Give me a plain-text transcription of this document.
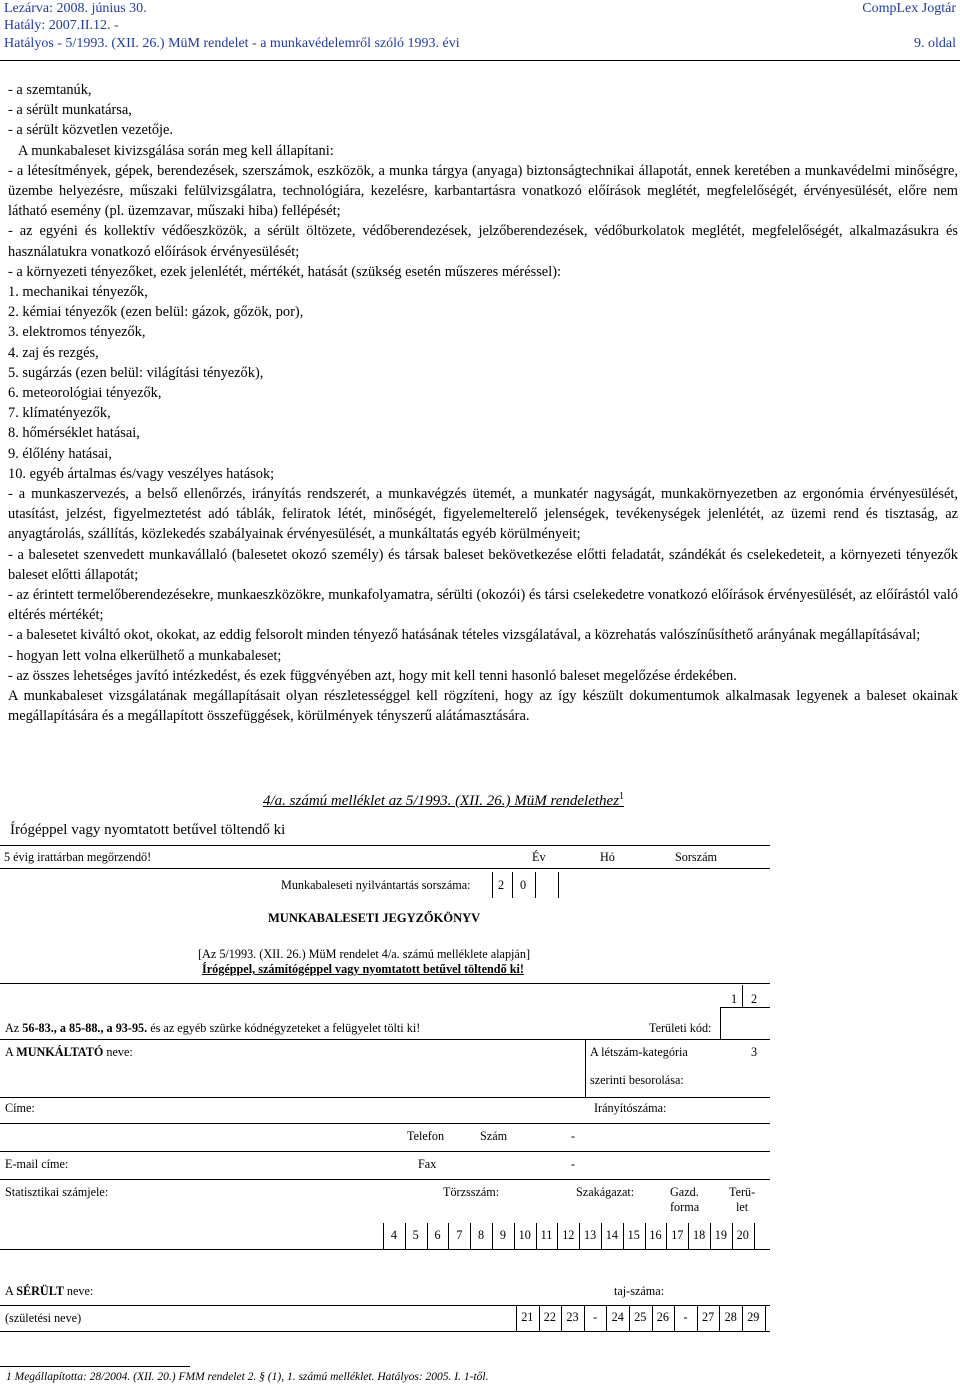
Lezárva: 2008. június 30.
Hatály: 2007.II.12. -
Hatályos - 5/1993. (XII. 26.) MüM rendelet - a munkavédelemről szóló 1993. évi
CompLex Jogtár
9. oldal
- a szemtanúk,
- a sérült munkatársa,
- a sérült közvetlen vezetője.
A munkabaleset kivizsgálása során meg kell állapítani:
- a létesítmények, gépek, berendezések, szerszámok, eszközök, a munka tárgya (anyaga) biztonságtechnikai állapotát, ennek keretében a munkavédelmi minőségre, üzembe helyezésre, műszaki felülvizsgálatra, technológiára, kezelésre, karbantartásra vonatkozó előírások meglétét, megfelelőségét, érvényesülését, előre nem látható esemény (pl. üzemzavar, műszaki hiba) fellépését;
- az egyéni és kollektív védőeszközök, a sérült öltözete, védőberendezések, jelzőberendezések, védőburkolatok meglétét, megfelelőségét, alkalmazásukra és használatukra vonatkozó előírások érvényesülését;
- a környezeti tényezőket, ezek jelenlétét, mértékét, hatását (szükség esetén műszeres méréssel):
1. mechanikai tényezők,
2. kémiai tényezők (ezen belül: gázok, gőzök, por),
3. elektromos tényezők,
4. zaj és rezgés,
5. sugárzás (ezen belül: világítási tényezők),
6. meteorológiai tényezők,
7. klímatényezők,
8. hőmérséklet hatásai,
9. élőlény hatásai,
10. egyéb ártalmas és/vagy veszélyes hatások;
- a munkaszervezés, a belső ellenőrzés, irányítás rendszerét, a munkavégzés ütemét, a munkatér nagyságát, munkakörnyezetben az ergonómia érvényesülését, utasítást, jelzést, figyelmeztetést adó táblák, feliratok létét, minőségét, figyelemelterelő jelenségek, tevékenységek jelenlétét, az üzemi rend és tisztaság, az anyagtárolás, szállítás, közlekedés szabályainak érvényesülését, a munkáltatás egyéb körülményeit;
- a balesetet szenvedett munkavállaló (balesetet okozó személy) és társak baleset bekövetkezése előtti feladatát, szándékát és cselekedeteit, a környezeti tényezők baleset előtti állapotát;
- az érintett termelőberendezésekre, munkaeszközökre, munkafolyamatra, sérülti (okozói) és társi cselekedetre vonatkozó előírások érvényesülését, az előírástól való eltérés mértékét;
- a balesetet kiváltó okot, okokat, az eddig felsorolt minden tényező hatásának tételes vizsgálatával, a közrehatás valószínűsíthető arányának megállapításával;
- hogyan lett volna elkerülhető a munkabaleset;
- az összes lehetséges javító intézkedést, és ezek függvényében azt, hogy mit kell tenni hasonló baleset megelőzése érdekében.
A munkabaleset vizsgálatának megállapításait olyan részletességgel kell rögzíteni, hogy az így készült dokumentumok alkalmasak legyenek a baleset okainak megállapítására és a megállapított összefüggések, körülmények tényszerű alátámasztására.
4/a. számú melléklet az 5/1993. (XII. 26.) MüM rendelethez$^1$
Írógéppel vagy nyomtatott betűvel töltendő ki
5 évig irattárban megőrzendő!	Év	Hó	Sorszám
Munkabaleseti nyilvántartás sorszáma: 2 0
MUNKABALESETI JEGYZŐKÖNYV
[Az 5/1993. (XII. 26.) MüM rendelet 4/a. számú melléklete alapján]
Írógéppel, számítógéppel vagy nyomtatott betűvel töltendő ki!
1 2
Az 56-83., a 85-88., a 93-95. és az egyéb szürke kódnégyzeteket a felügyelet tölti ki!	Területi kód:
A MUNKÁLTATÓ neve:	A létszám-kategória	3
szerinti besorolása:
Címe:	Irányítószáma:
Telefon	Szám	-
E-mail címe:	Fax	-
Statisztikai számjele:	Törzsszám:	Szakágazat:	Gazd.
forma
Terü-
let
4	5	6	7	8	9	10 11 12 13 14 15 16 17 18 19 20
A SÉRÜLT neve:	taj-száma:
(születési neve)	21 22 23	-	24 25 26	-	27 28 29
1 Megállapította: 28/2004. (XII. 20.) FMM rendelet 2. § (1), 1. számú melléklet. Hatályos: 2005. I. 1-től.
